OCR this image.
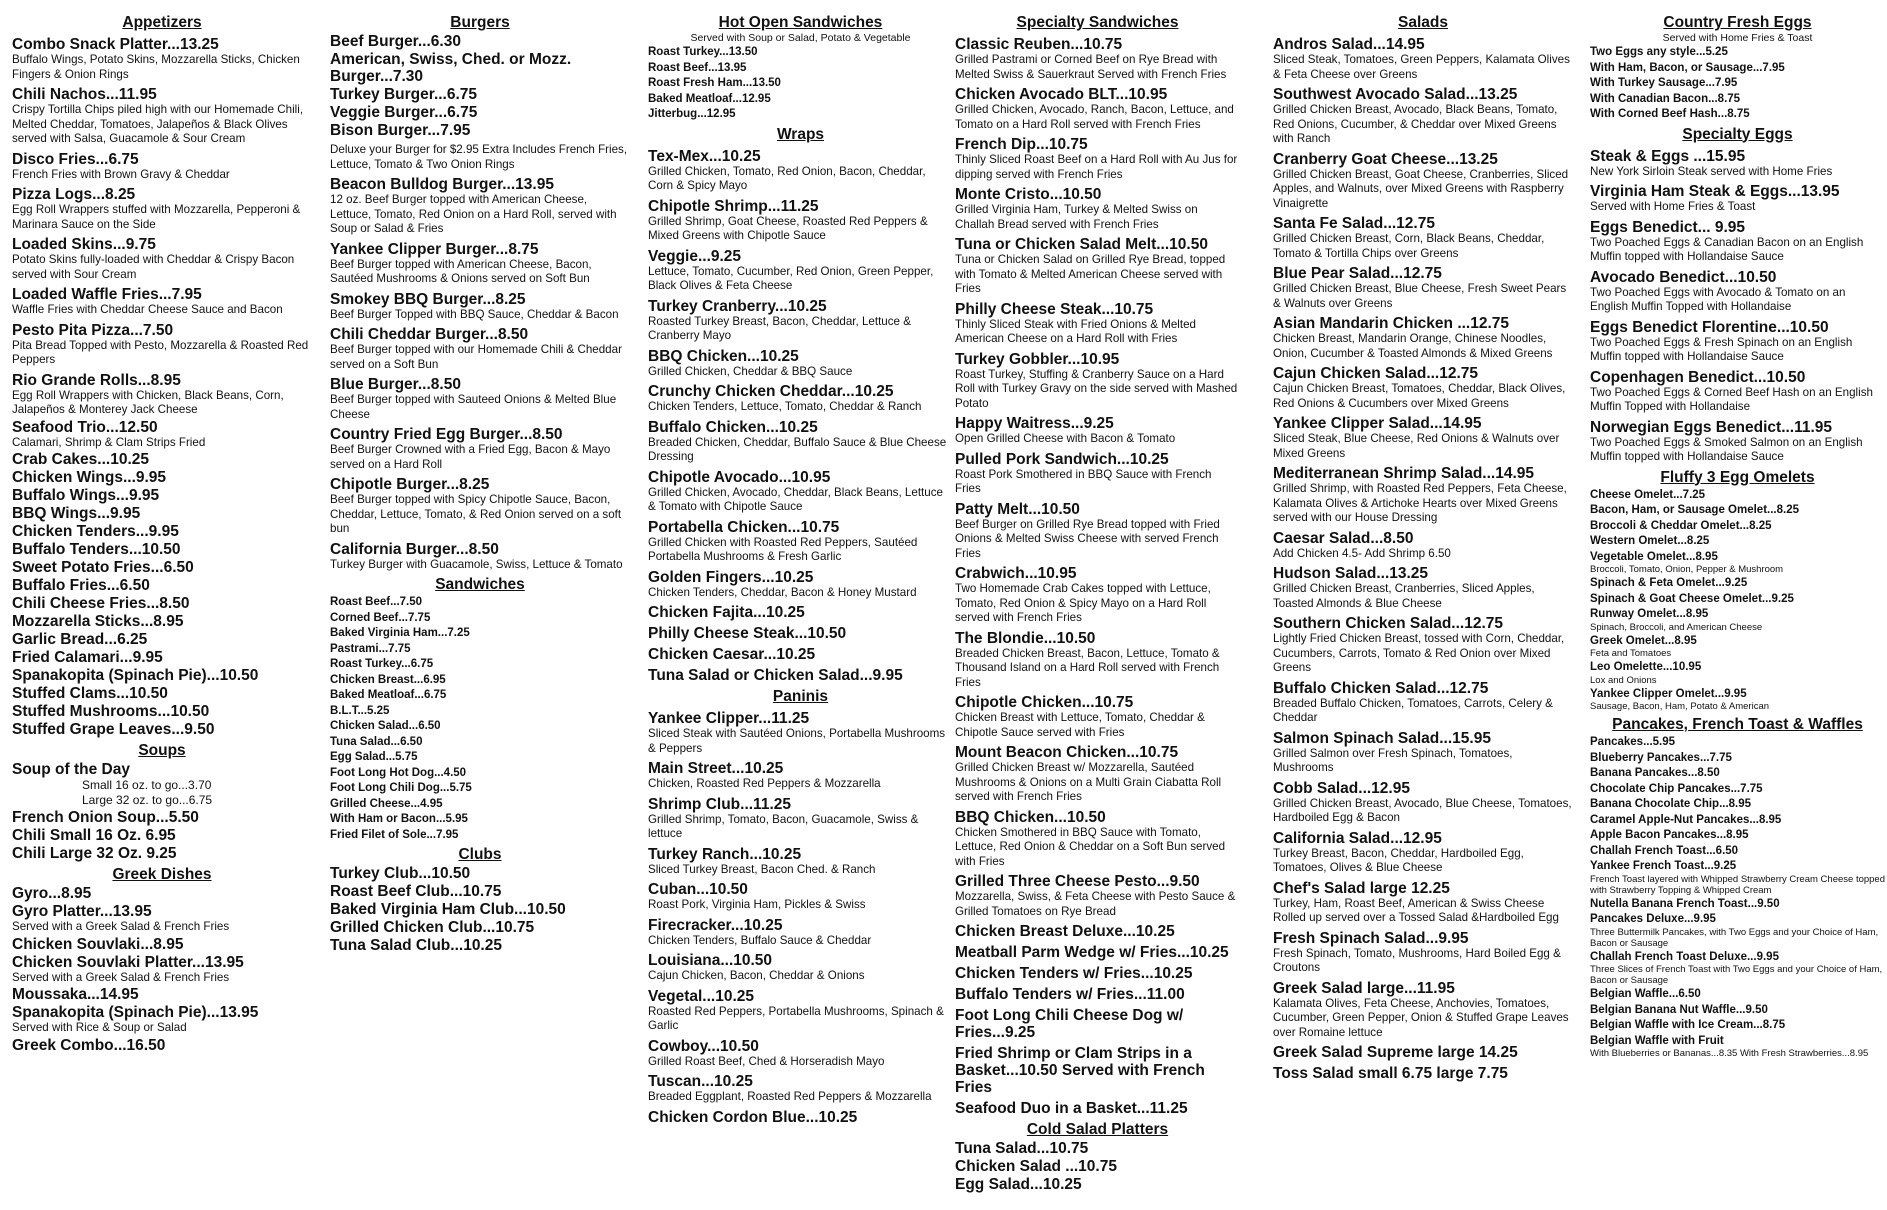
Appetizers
Combo Snack Platter...13.25
Buffalo Wings, Potato Skins, Mozzarella Sticks, Chicken Fingers & Onion Rings
Chili Nachos...11.95
Crispy Tortilla Chips piled high with our Homemade Chili, Melted Cheddar, Tomatoes, Jalapeños & Black Olives served with Salsa, Guacamole & Sour Cream
Disco Fries...6.75
French Fries with Brown Gravy & Cheddar
Pizza Logs...8.25
Egg Roll Wrappers stuffed with Mozzarella, Pepperoni & Marinara Sauce on the Side
Loaded Skins...9.75
Potato Skins fully-loaded with Cheddar & Crispy Bacon served with Sour Cream
Loaded Waffle Fries...7.95
Waffle Fries with Cheddar Cheese Sauce and Bacon
Pesto Pita Pizza...7.50
Pita Bread Topped with Pesto, Mozzarella & Roasted Red Peppers
Rio Grande Rolls...8.95
Egg Roll Wrappers with Chicken, Black Beans, Corn, Jalapeños & Monterey Jack Cheese
Seafood Trio...12.50
Calamari, Shrimp & Clam Strips Fried
Crab Cakes...10.25
Chicken Wings...9.95
Buffalo Wings...9.95
BBQ Wings...9.95
Chicken Tenders...9.95
Buffalo Tenders...10.50
Sweet Potato Fries...6.50
Buffalo Fries...6.50
Chili Cheese Fries...8.50
Mozzarella Sticks...8.95
Garlic Bread...6.25
Fried Calamari...9.95
Spanakopita (Spinach Pie)...10.50
Stuffed Clams...10.50
Stuffed Mushrooms...10.50
Stuffed Grape Leaves...9.50
Soups
Soup of the Day
Small 16 oz. to go...3.70
Large 32 oz. to go...6.75
French Onion Soup...5.50
Chili Small 16 Oz. 6.95
Chili Large 32 Oz. 9.25
Greek Dishes
Gyro...8.95
Gyro Platter...13.95
Served with a Greek Salad & French Fries
Chicken Souvlaki...8.95
Chicken Souvlaki Platter...13.95
Served with a Greek Salad & French Fries
Moussaka...14.95
Spanakopita (Spinach Pie)...13.95
Served with Rice & Soup or Salad
Greek Combo...16.50
Burgers
Beef Burger...6.30
American, Swiss, Ched. or Mozz. Burger...7.30
Turkey Burger...6.75
Veggie Burger...6.75
Bison Burger...7.95
Deluxe your Burger for $2.95 Extra Includes French Fries, Lettuce, Tomato & Two Onion Rings
Beacon Bulldog Burger...13.95
12 oz. Beef Burger topped with American Cheese, Lettuce, Tomato, Red Onion on a Hard Roll, served with Soup or Salad & Fries
Yankee Clipper Burger...8.75
Beef Burger topped with American Cheese, Bacon, Sautéed Mushrooms & Onions served on Soft Bun
Smokey BBQ Burger...8.25
Beef Burger Topped with BBQ Sauce, Cheddar & Bacon
Chili Cheddar Burger...8.50
Beef Burger topped with our Homemade Chili & Cheddar served on a Soft Bun
Blue Burger...8.50
Beef Burger topped with Sauteed Onions & Melted Blue Cheese
Country Fried Egg Burger...8.50
Beef Burger Crowned with a Fried Egg, Bacon & Mayo served on a Hard Roll
Chipotle Burger...8.25
Beef Burger topped with Spicy Chipotle Sauce, Bacon, Cheddar, Lettuce, Tomato, & Red Onion served on a soft bun
California Burger...8.50
Turkey Burger with Guacamole, Swiss, Lettuce & Tomato
Sandwiches
Roast Beef...7.50
Corned Beef...7.75
Baked Virginia Ham...7.25
Pastrami...7.75
Roast Turkey...6.75
Chicken Breast...6.95
Baked Meatloaf...6.75
B.L.T...5.25
Chicken Salad...6.50
Tuna Salad...6.50
Egg Salad...5.75
Foot Long Hot Dog...4.50
Foot Long Chili Dog...5.75
Grilled Cheese...4.95
With Ham or Bacon...5.95
Fried Filet of Sole...7.95
Clubs
Turkey Club...10.50
Roast Beef Club...10.75
Baked Virginia Ham Club...10.50
Grilled Chicken Club...10.75
Tuna Salad Club...10.25
Hot Open Sandwiches
Served with Soup or Salad, Potato & Vegetable
Roast Turkey...13.50
Roast Beef...13.95
Roast Fresh Ham...13.50
Baked Meatloaf...12.95
Jitterbug...12.95
Wraps
Tex-Mex...10.25
Grilled Chicken, Tomato, Red Onion, Bacon, Cheddar, Corn & Spicy Mayo
Chipotle Shrimp...11.25
Grilled Shrimp, Goat Cheese, Roasted Red Peppers & Mixed Greens with Chipotle Sauce
Veggie...9.25
Lettuce, Tomato, Cucumber, Red Onion, Green Pepper, Black Olives & Feta Cheese
Turkey Cranberry...10.25
Roasted Turkey Breast, Bacon, Cheddar, Lettuce & Cranberry Mayo
BBQ Chicken...10.25
Grilled Chicken, Cheddar & BBQ Sauce
Crunchy Chicken Cheddar...10.25
Chicken Tenders, Lettuce, Tomato, Cheddar & Ranch
Buffalo Chicken...10.25
Breaded Chicken, Cheddar, Buffalo Sauce & Blue Cheese Dressing
Chipotle Avocado...10.95
Grilled Chicken, Avocado, Cheddar, Black Beans, Lettuce & Tomato with Chipotle Sauce
Portabella Chicken...10.75
Grilled Chicken with Roasted Red Peppers, Sautéed Portabella Mushrooms & Fresh Garlic
Golden Fingers...10.25
Chicken Tenders, Cheddar, Bacon & Honey Mustard
Chicken Fajita...10.25
Philly Cheese Steak...10.50
Chicken Caesar...10.25
Tuna Salad or Chicken Salad...9.95
Paninis
Yankee Clipper...11.25
Sliced Steak with Sautéed Onions, Portabella Mushrooms & Peppers
Main Street...10.25
Chicken, Roasted Red Peppers & Mozzarella
Shrimp Club...11.25
Grilled Shrimp, Tomato, Bacon, Guacamole, Swiss & lettuce
Turkey Ranch...10.25
Sliced Turkey Breast, Bacon Ched. & Ranch
Cuban...10.50
Roast Pork, Virginia Ham, Pickles & Swiss
Firecracker...10.25
Chicken Tenders, Buffalo Sauce & Cheddar
Louisiana...10.50
Cajun Chicken, Bacon, Cheddar & Onions
Vegetal...10.25
Roasted Red Peppers, Portabella Mushrooms, Spinach & Garlic
Cowboy...10.50
Grilled Roast Beef, Ched & Horseradish Mayo
Tuscan...10.25
Breaded Eggplant, Roasted Red Peppers & Mozzarella
Chicken Cordon Blue...10.25
Specialty Sandwiches
Classic Reuben...10.75
Grilled Pastrami or Corned Beef on Rye Bread with Melted Swiss & Sauerkraut Served with French Fries
Chicken Avocado BLT...10.95
Grilled Chicken, Avocado, Ranch, Bacon, Lettuce, and Tomato on a Hard Roll served with French Fries
French Dip...10.75
Thinly Sliced Roast Beef on a Hard Roll with Au Jus for dipping served with French Fries
Monte Cristo...10.50
Grilled Virginia Ham, Turkey & Melted Swiss on Challah Bread served with French Fries
Tuna or Chicken Salad Melt...10.50
Tuna or Chicken Salad on Grilled Rye Bread, topped with Tomato & Melted American Cheese served with Fries
Philly Cheese Steak...10.75
Thinly Sliced Steak with Fried Onions & Melted American Cheese on a Hard Roll with Fries
Turkey Gobbler...10.95
Roast Turkey, Stuffing & Cranberry Sauce on a Hard Roll with Turkey Gravy on the side served with Mashed Potato
Happy Waitress...9.25
Open Grilled Cheese with Bacon & Tomato
Pulled Pork Sandwich...10.25
Roast Pork Smothered in BBQ Sauce with French Fries
Patty Melt...10.50
Beef Burger on Grilled Rye Bread topped with Fried Onions & Melted Swiss Cheese with served French Fries
Crabwich...10.95
Two Homemade Crab Cakes topped with Lettuce, Tomato, Red Onion & Spicy Mayo on a Hard Roll served with French Fries
The Blondie...10.50
Breaded Chicken Breast, Bacon, Lettuce, Tomato & Thousand Island on a Hard Roll served with French Fries
Chipotle Chicken...10.75
Chicken Breast with Lettuce, Tomato, Cheddar & Chipotle Sauce served with Fries
Mount Beacon Chicken...10.75
Grilled Chicken Breast w/ Mozzarella, Sautéed Mushrooms & Onions on a Multi Grain Ciabatta Roll served with French Fries
BBQ Chicken...10.50
Chicken Smothered in BBQ Sauce with Tomato, Lettuce, Red Onion & Cheddar on a Soft Bun served with Fries
Grilled Three Cheese Pesto...9.50
Mozzarella, Swiss, & Feta Cheese with Pesto Sauce & Grilled Tomatoes on Rye Bread
Chicken Breast Deluxe...10.25
Meatball Parm Wedge w/ Fries...10.25
Chicken Tenders w/ Fries...10.25
Buffalo Tenders w/ Fries...11.00
Foot Long Chili Cheese Dog w/ Fries...9.25
Fried Shrimp or Clam Strips in a Basket...10.50 Served with French Fries
Seafood Duo in a Basket...11.25
Cold Salad Platters
Tuna Salad...10.75
Chicken Salad ...10.75
Egg Salad...10.25
Salads
Andros Salad...14.95
Sliced Steak, Tomatoes, Green Peppers, Kalamata Olives & Feta Cheese over Greens
Southwest Avocado Salad...13.25
Grilled Chicken Breast, Avocado, Black Beans, Tomato, Red Onions, Cucumber, & Cheddar over Mixed Greens with Ranch
Cranberry Goat Cheese...13.25
Grilled Chicken Breast, Goat Cheese, Cranberries, Sliced Apples, and Walnuts, over Mixed Greens with Raspberry Vinaigrette
Santa Fe Salad...12.75
Grilled Chicken Breast, Corn, Black Beans, Cheddar, Tomato & Tortilla Chips over Greens
Blue Pear Salad...12.75
Grilled Chicken Breast, Blue Cheese, Fresh Sweet Pears & Walnuts over Greens
Asian Mandarin Chicken ...12.75
Chicken Breast, Mandarin Orange, Chinese Noodles, Onion, Cucumber & Toasted Almonds & Mixed Greens
Cajun Chicken Salad...12.75
Cajun Chicken Breast, Tomatoes, Cheddar, Black Olives, Red Onions & Cucumbers over Mixed Greens
Yankee Clipper Salad...14.95
Sliced Steak, Blue Cheese, Red Onions & Walnuts over Mixed Greens
Mediterranean Shrimp Salad...14.95
Grilled Shrimp, with Roasted Red Peppers, Feta Cheese, Kalamata Olives & Artichoke Hearts over Mixed Greens served with our House Dressing
Caesar Salad...8.50
Add Chicken 4.5- Add Shrimp 6.50
Hudson Salad...13.25
Grilled Chicken Breast, Cranberries, Sliced Apples, Toasted Almonds & Blue Cheese
Southern Chicken Salad...12.75
Lightly Fried Chicken Breast, tossed with Corn, Cheddar, Cucumbers, Carrots, Tomato & Red Onion over Mixed Greens
Buffalo Chicken Salad...12.75
Breaded Buffalo Chicken, Tomatoes, Carrots, Celery & Cheddar
Salmon Spinach Salad...15.95
Grilled Salmon over Fresh Spinach, Tomatoes, Mushrooms
Cobb Salad...12.95
Grilled Chicken Breast, Avocado, Blue Cheese, Tomatoes, Hardboiled Egg & Bacon
California Salad...12.95
Turkey Breast, Bacon, Cheddar, Hardboiled Egg, Tomatoes, Olives & Blue Cheese
Chef's Salad large 12.25
Turkey, Ham, Roast Beef, American & Swiss Cheese Rolled up served over a Tossed Salad &Hardboiled Egg
Fresh Spinach Salad...9.95
Fresh Spinach, Tomato, Mushrooms, Hard Boiled Egg & Croutons
Greek Salad large...11.95
Kalamata Olives, Feta Cheese, Anchovies, Tomatoes, Cucumber, Green Pepper, Onion & Stuffed Grape Leaves over Romaine lettuce
Greek Salad Supreme large 14.25
Toss Salad small 6.75 large 7.75
Country Fresh Eggs
Served with Home Fries & Toast
Two Eggs any style...5.25
With Ham, Bacon, or Sausage...7.95
With Turkey Sausage...7.95
With Canadian Bacon...8.75
With Corned Beef Hash...8.75
Specialty Eggs
Steak & Eggs ...15.95
New York Sirloin Steak served with Home Fries
Virginia Ham Steak & Eggs...13.95
Served with Home Fries & Toast
Eggs Benedict... 9.95
Two Poached Eggs & Canadian Bacon on an English Muffin topped with Hollandaise Sauce
Avocado Benedict...10.50
Two Poached Eggs with Avocado & Tomato on an English Muffin Topped with Hollandaise
Eggs Benedict Florentine...10.50
Two Poached Eggs & Fresh Spinach on an English Muffin topped with Hollandaise Sauce
Copenhagen Benedict...10.50
Two Poached Eggs & Corned Beef Hash on an English Muffin Topped with Hollandaise
Norwegian Eggs Benedict...11.95
Two Poached Eggs & Smoked Salmon on an English Muffin topped with Hollandaise Sauce
Fluffy 3 Egg Omelets
Cheese Omelet...7.25
Bacon, Ham, or Sausage Omelet...8.25
Broccoli & Cheddar Omelet...8.25
Western Omelet...8.25
Vegetable Omelet...8.95
Broccoli, Tomato, Onion, Pepper & Mushroom
Spinach & Feta Omelet...9.25
Spinach & Goat Cheese Omelet...9.25
Runway Omelet...8.95
Spinach, Broccoli, and American Cheese
Greek Omelet...8.95
Feta and Tomatoes
Leo Omelette...10.95
Lox and Onions
Yankee Clipper Omelet...9.95
Sausage, Bacon, Ham, Potato & American
Pancakes, French Toast & Waffles
Pancakes...5.95
Blueberry Pancakes...7.75
Banana Pancakes...8.50
Chocolate Chip Pancakes...7.75
Banana Chocolate Chip...8.95
Caramel Apple-Nut Pancakes...8.95
Apple Bacon Pancakes...8.95
Challah French Toast...6.50
Yankee French Toast...9.25
French Toast layered with Whipped Strawberry Cream Cheese topped with Strawberry Topping & Whipped Cream
Nutella Banana French Toast...9.50
Pancakes Deluxe...9.95
Three Buttermilk Pancakes, with Two Eggs and your Choice of Ham, Bacon or Sausage
Challah French Toast Deluxe...9.95
Three Slices of French Toast with Two Eggs and your Choice of Ham, Bacon or Sausage
Belgian Waffle...6.50
Belgian Banana Nut Waffle...9.50
Belgian Waffle with Ice Cream...8.75
Belgian Waffle with Fruit
With Blueberries or Bananas...8.35 With Fresh Strawberries...8.95
